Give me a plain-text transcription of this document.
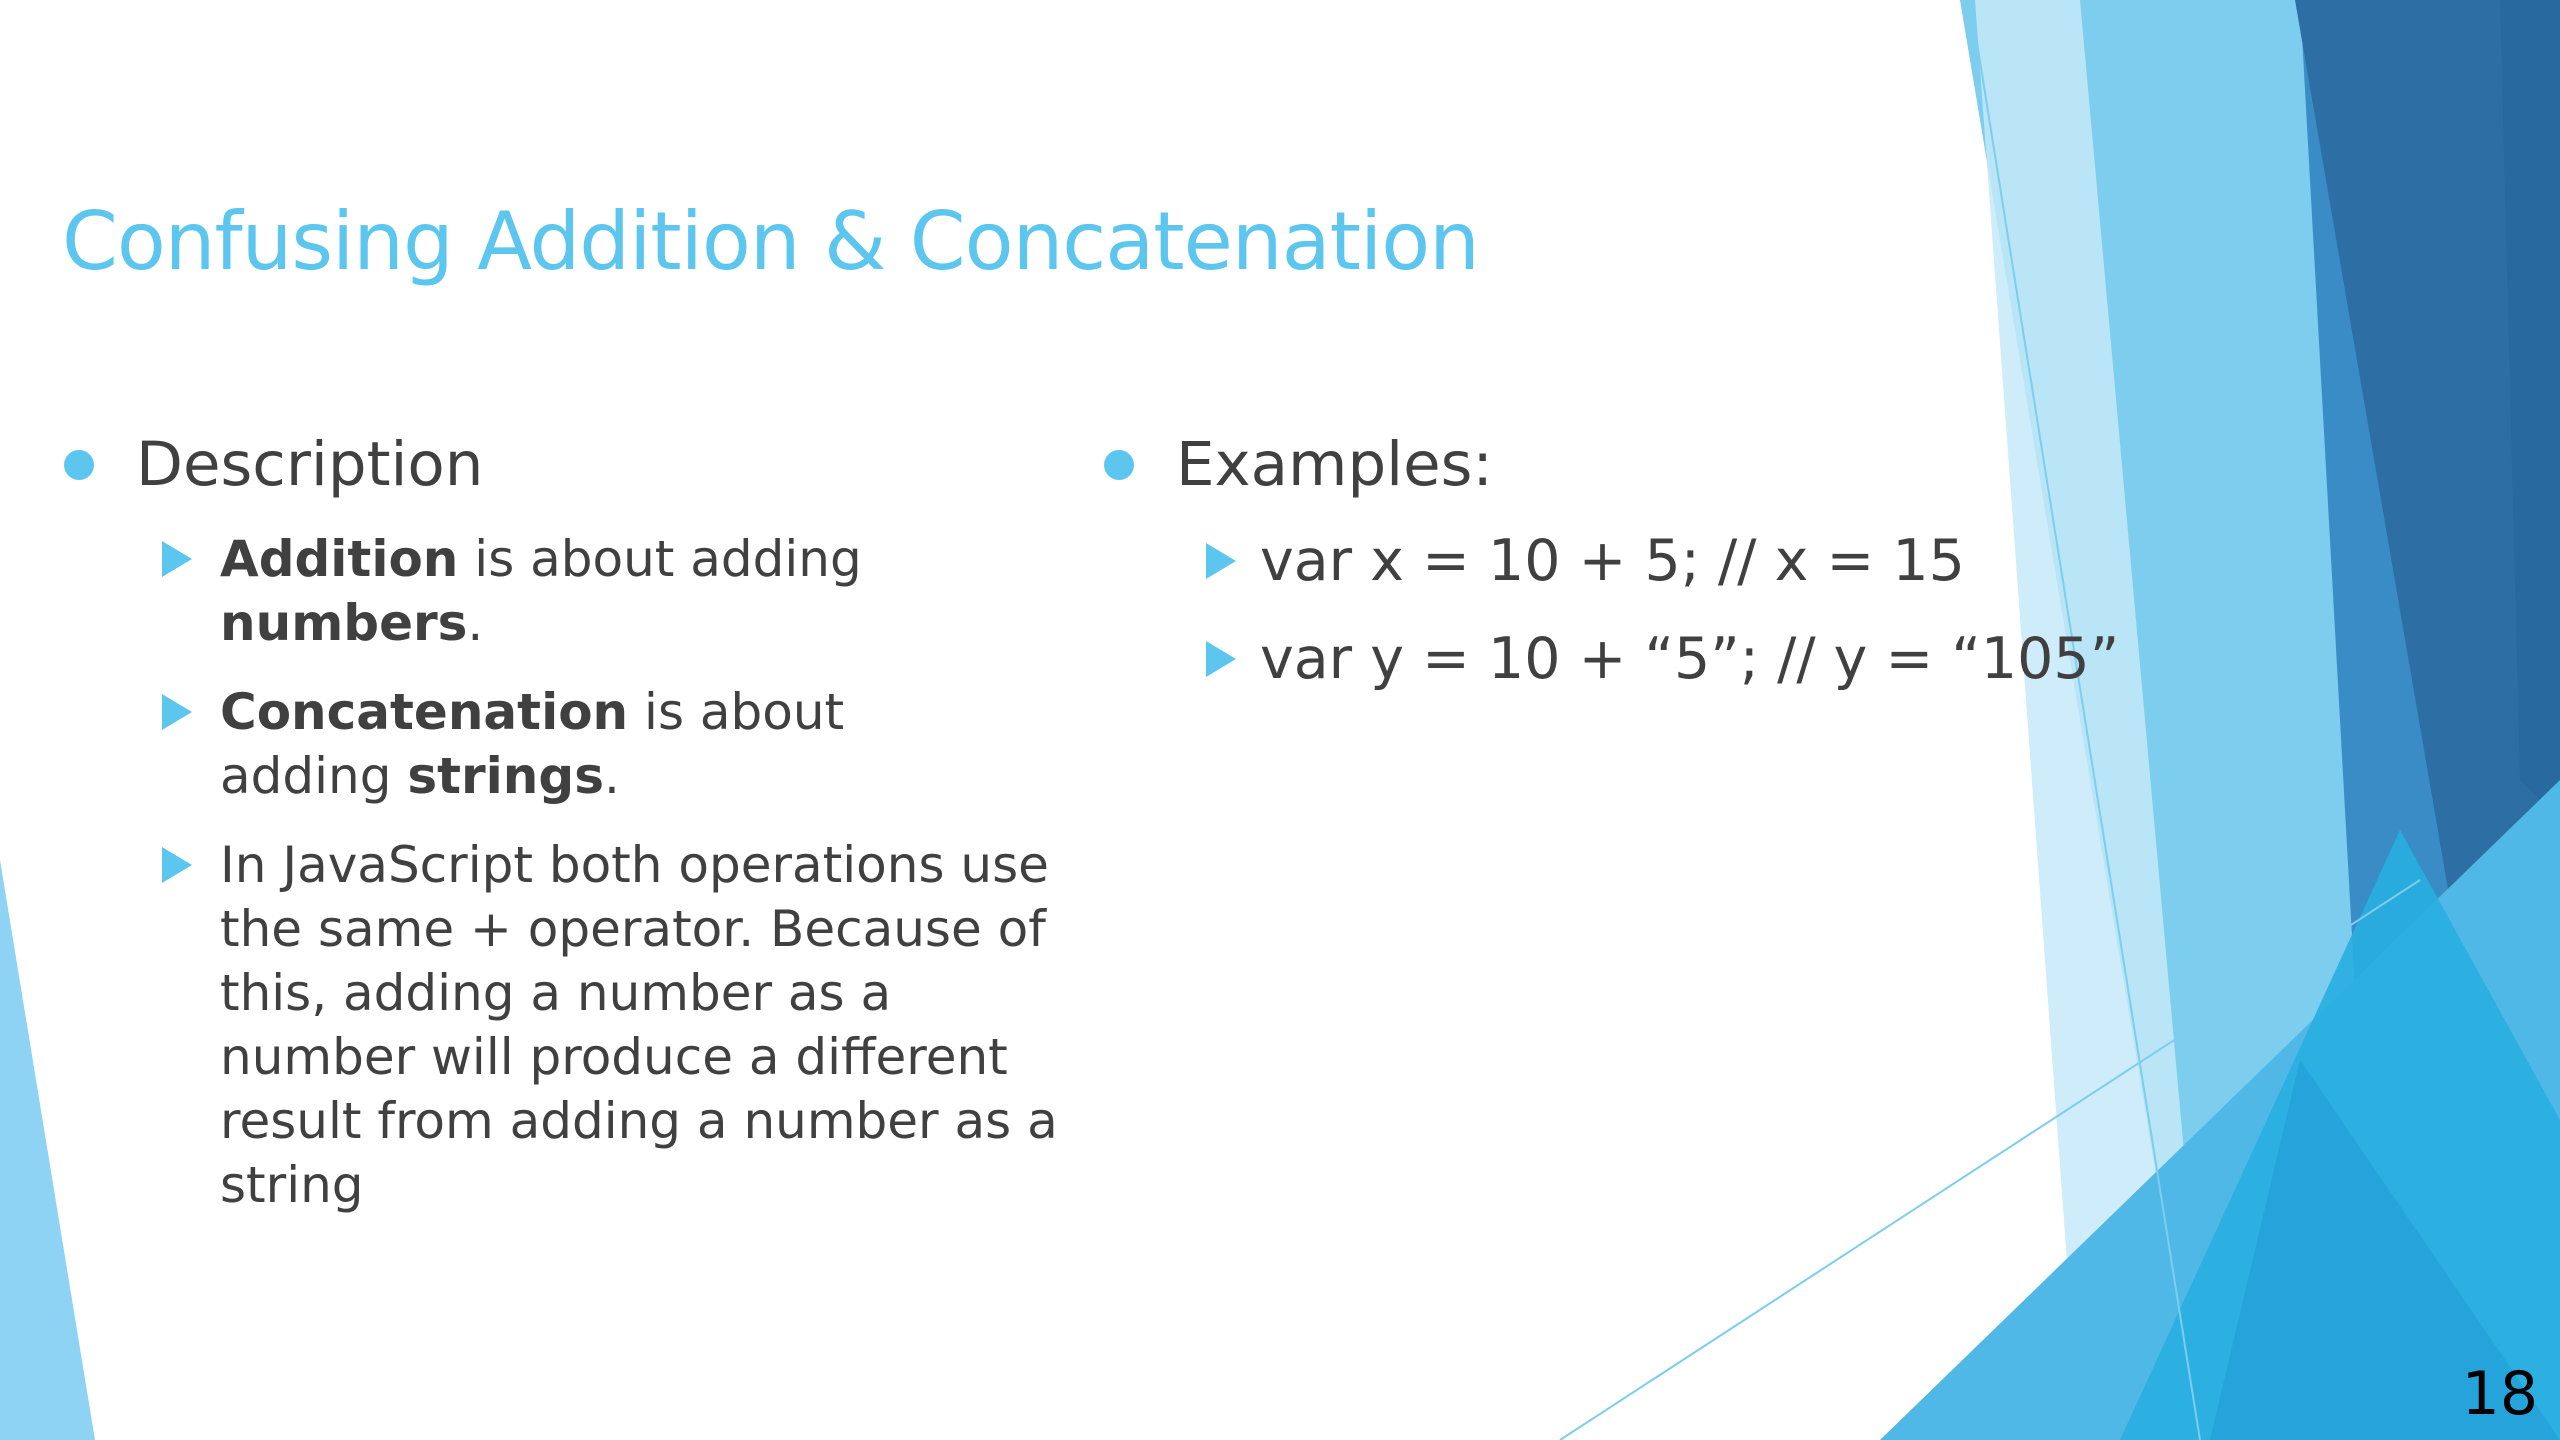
Confusing Addition & Concatenation
Description
Addition is about adding numbers.
Concatenation is about adding strings.
In JavaScript both operations use the same + operator. Because of this, adding a number as a number will produce a different result from adding a number as a string
Examples:
var x = 10 + 5; // x = 15
var y = 10 + “5”; // y = “105”
18
